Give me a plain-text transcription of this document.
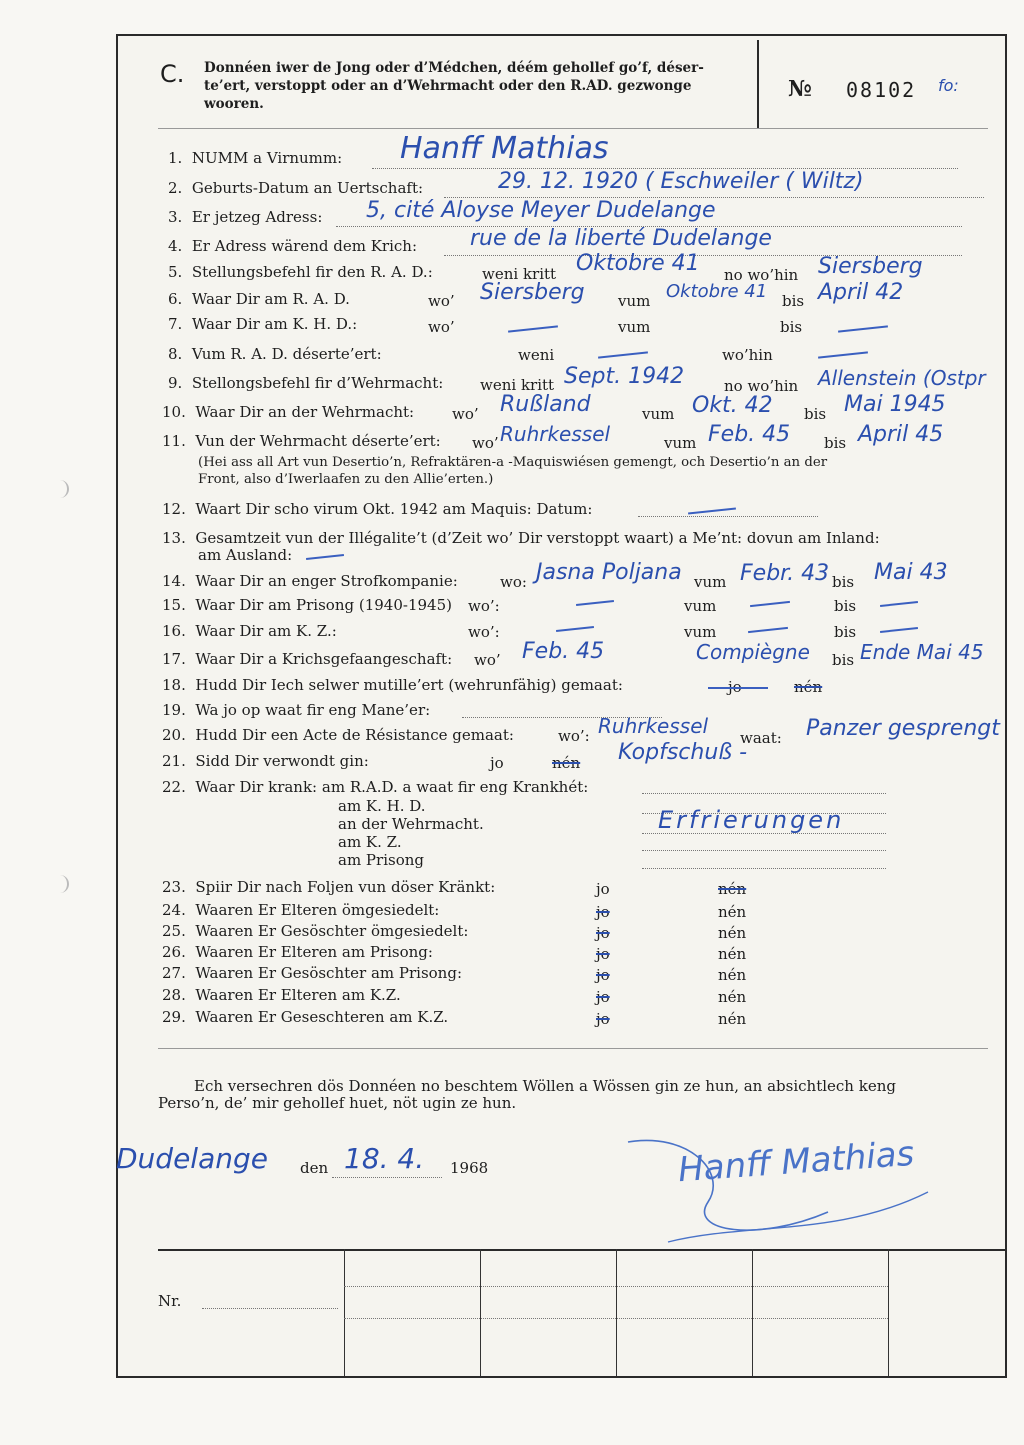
C. Donnéen iwer de Jong oder d’Médchen, déém gehollef go’f, déser-
te’ert, verstoppt oder an d’Wehrmacht oder den R.AD. gezwonge
wooren.
№ 08102 fo:
1. NUMM a Virnumm: Hanff Mathias
2. Geburts-Datum an Uertschaft:	29. 12. 1920 ( Eschweiler ( Wiltz)
3. Er jetzeg Adress: 5, cité Aloyse Meyer Dudelange
4. Er Adress wärend dem Krich: rue de la liberté Dudelange
5. Stellungsbefehl fir den R. A. D.:	weni kritt Oktobre 41 no wo’hin Siersberg
6. Waar Dir am R. A. D.	wo’ Siersberg vum Oktobre 41 bis April 42
7. Waar Dir am K. H. D.:	wo’	vum	bis
8. Vum R. A. D. déserte’ert:	weni	wo’hin
9. Stellongsbefehl fir d’Wehrmacht: weni kritt Sept. 1942	no wo’hin Allenstein (Ostpr
10. Waar Dir an der Wehrmacht:	wo’ Rußland	vum Okt. 42 bis Mai 1945
11. Vun der Wehrmacht déserte’ert: wo’ Ruhrkessel	vum Feb. 45 bis April 45
(Hei ass all Art vun Desertio’n, Refraktären-a -Maquiswiésen gemengt, och Desertio’n an der
Front, also d’Iwerlaafen zu den Allie’erten.)
12. Waart Dir scho virum Okt. 1942 am Maquis: Datum:
13. Gesamtzeit vun der Illégalite’t (d’Zeit wo’ Dir verstoppt waart) a Me’nt: dovun am Inland:
am Ausland:
14. Waar Dir an enger Strofkompanie:	wo: Jasna Poljana vum Febr. 43 bis Mai 43
15. Waar Dir am Prisong (1940-1945) wo’:	vum	bis
16. Waar Dir am K. Z.:	wo’:	vum	bis
17. Waar Dir a Krichsgefaangeschaft: wo’ Feb. 45	Compiègne bis Ende Mai 45
18. Hudd Dir Iech selwer mutille’ert (wehrunfähig) gemaat:	jo	nén
19. Wa jo op waat fir eng Mane’er:
20. Hudd Dir een Acte de Résistance gemaat:	wo’: Ruhrkessel waat: Panzer gesprengt
21. Sidd Dir verwondt gin:	jo	nén Kopfschuß -
22. Waar Dir krank: am R.A.D. a waat fir eng Krankhét:
am K. H. D.
an der Wehrmacht.
am K. Z.
am Prisong
Erfrierungen
23. Spiir Dir nach Foljen vun döser Kränkt:	jo	nén
24. Waaren Er Elteren ömgesiedelt:	jo	nén
25. Waaren Er Gesöschter ömgesiedelt:	jo	nén
26. Waaren Er Elteren am Prisong:	jo	nén
27. Waaren Er Gesöschter am Prisong:	jo	nén
28. Waaren Er Elteren am K.Z.	jo	nén
29. Waaren Er Geseschteren am K.Z.	jo	nén
Ech versechren dös Donnéen no beschtem Wöllen a Wössen gin ze hun, an absichtlech keng
Perso’n, de’ mir gehollef huet, nöt ugin ze hun.
Dudelange den 18. 4. 1968	Hanff Mathias
Nr.
